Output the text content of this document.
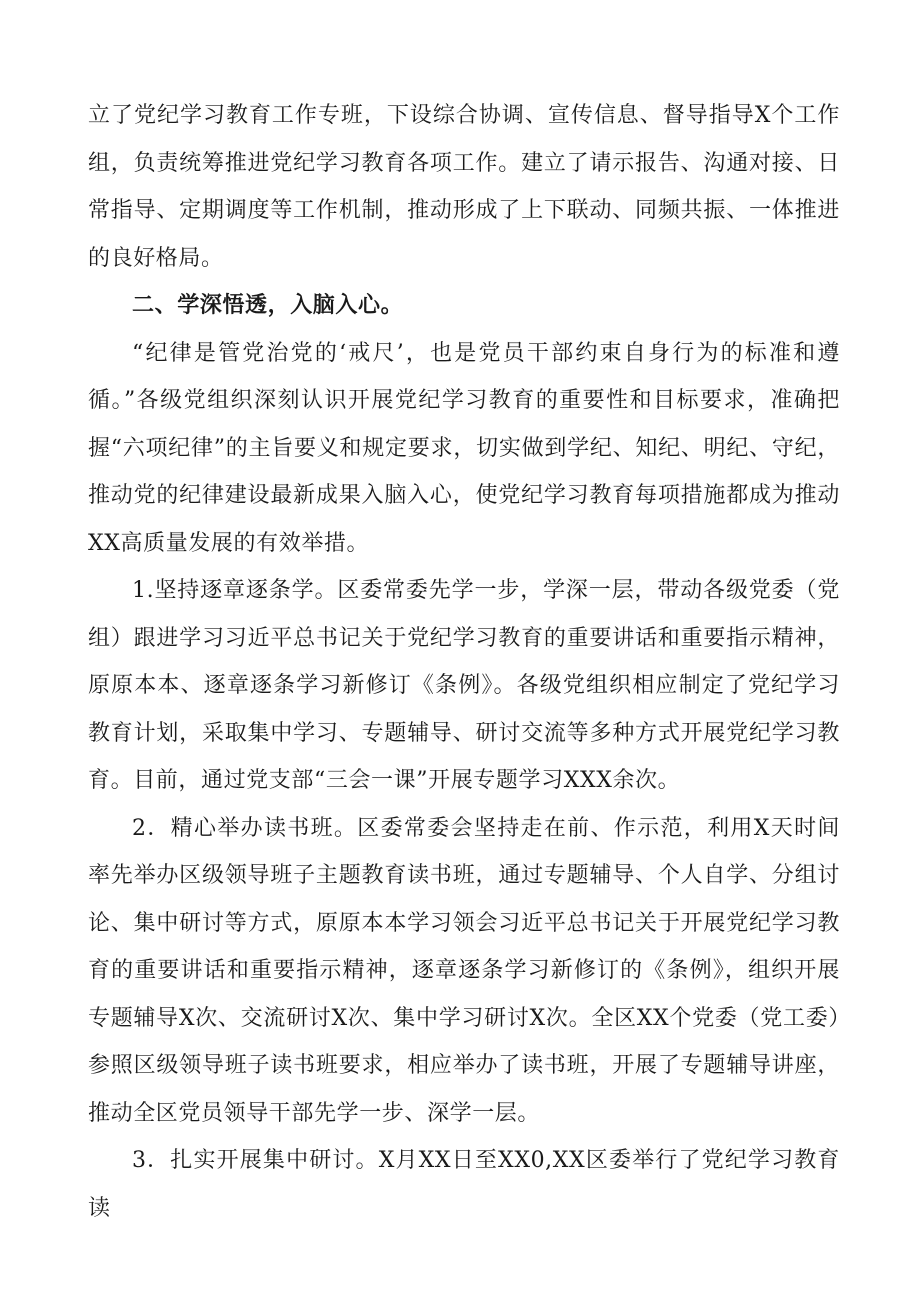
立了党纪学习教育工作专班，下设综合协调、宣传信息、督导指导X个工作组，负责统筹推进党纪学习教育各项工作。建立了请示报告、沟通对接、日常指导、定期调度等工作机制，推动形成了上下联动、同频共振、一体推进的良好格局。

二、学深悟透，入脑入心。

“纪律是管党治党的‘戒尺’，也是党员干部约束自身行为的标准和遵循。”各级党组织深刻认识开展党纪学习教育的重要性和目标要求，准确把握“六项纪律”的主旨要义和规定要求，切实做到学纪、知纪、明纪、守纪，推动党的纪律建设最新成果入脑入心，使党纪学习教育每项措施都成为推动XX高质量发展的有效举措。

1.坚持逐章逐条学。区委常委先学一步，学深一层，带动各级党委（党组）跟进学习习近平总书记关于党纪学习教育的重要讲话和重要指示精神，原原本本、逐章逐条学习新修订《条例》。各级党组织相应制定了党纪学习教育计划，采取集中学习、专题辅导、研讨交流等多种方式开展党纪学习教育。目前，通过党支部“三会一课”开展专题学习XXX余次。

2．精心举办读书班。区委常委会坚持走在前、作示范，利用X天时间率先举办区级领导班子主题教育读书班，通过专题辅导、个人自学、分组讨论、集中研讨等方式，原原本本学习领会习近平总书记关于开展党纪学习教育的重要讲话和重要指示精神，逐章逐条学习新修订的《条例》，组织开展专题辅导X次、交流研讨X次、集中学习研讨X次。全区XX个党委（党工委）参照区级领导班子读书班要求，相应举办了读书班，开展了专题辅导讲座，推动全区党员领导干部先学一步、深学一层。

3．扎实开展集中研讨。X月XX日至XX0,XX区委举行了党纪学习教育读
